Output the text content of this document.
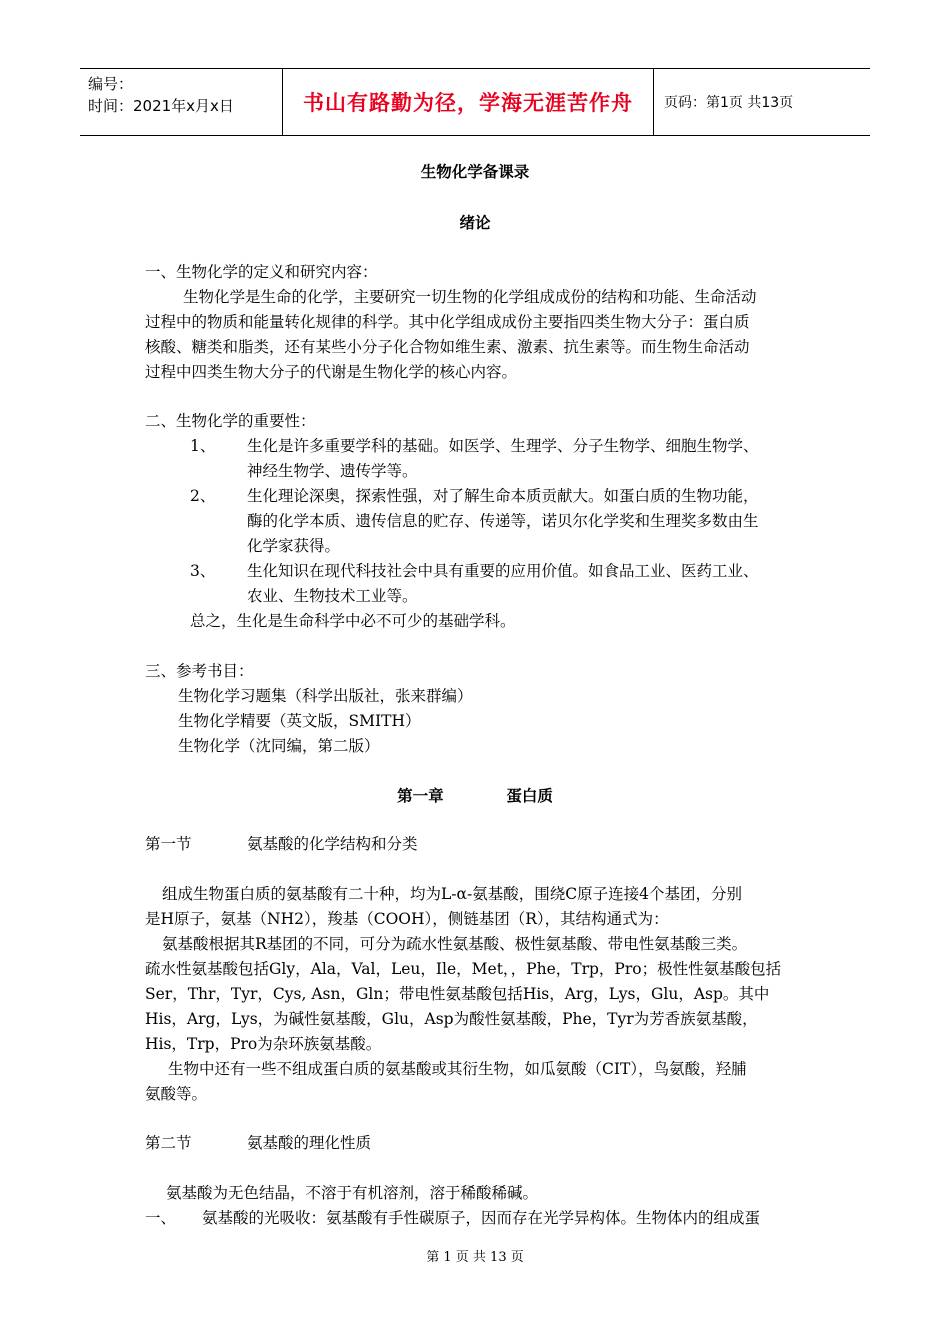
编号：
时间：2021年x月x日	书山有路勤为径，学海无涯苦作舟 页码：第1页 共13页
生物化学备课录
绪论
一、生物化学的定义和研究内容：
生物化学是生命的化学，主要研究一切生物的化学组成成份的结构和功能、生命活动
过程中的物质和能量转化规律的科学。其中化学组成成份主要指四类生物大分子：蛋白质
核酸、糖类和脂类，还有某些小分子化合物如维生素、激素、抗生素等。而生物生命活动
过程中四类生物大分子的代谢是生物化学的核心内容。
二、生物化学的重要性：
1、 生化是许多重要学科的基础。如医学、生理学、分子生物学、细胞生物学、
神经生物学、遗传学等。
2、 生化理论深奥，探索性强，对了解生命本质贡献大。如蛋白质的生物功能，
酶的化学本质、遗传信息的贮存、传递等，诺贝尔化学奖和生理奖多数由生
化学家获得。
3、 生化知识在现代科技社会中具有重要的应用价值。如食品工业、医药工业、
农业、生物技术工业等。
总之，生化是生命科学中必不可少的基础学科。
三、参考书目：
生物化学习题集（科学出版社，张来群编）
生物化学精要（英文版，SMITH）
生物化学（沈同编，第二版）
第一章	蛋白质
第一节	氨基酸的化学结构和分类
组成生物蛋白质的氨基酸有二十种，均为L-α-氨基酸，围绕C原子连接4个基团，分别
是H原子，氨基（NH2），羧基（COOH），侧链基团（R），其结构通式为：
氨基酸根据其R基团的不同，可分为疏水性氨基酸、极性氨基酸、带电性氨基酸三类。
疏水性氨基酸包括Gly，Ala，Val，Leu，Ile，Met，，Phe，Trp，Pro；极性性氨基酸包括
Ser，Thr，Tyr，Cys, Asn，Gln；带电性氨基酸包括His，Arg，Lys，Glu，Asp。其中
His，Arg，Lys，为碱性氨基酸，Glu，Asp为酸性氨基酸，Phe，Tyr为芳香族氨基酸，
His，Trp，Pro为杂环族氨基酸。
生物中还有一些不组成蛋白质的氨基酸或其衍生物，如瓜氨酸（CIT），鸟氨酸，羟脯
氨酸等。
第二节	氨基酸的理化性质
氨基酸为无色结晶，不溶于有机溶剂，溶于稀酸稀碱。
一、 氨基酸的光吸收：氨基酸有手性碳原子，因而存在光学异构体。生物体内的组成蛋
第 1 页 共 13 页
